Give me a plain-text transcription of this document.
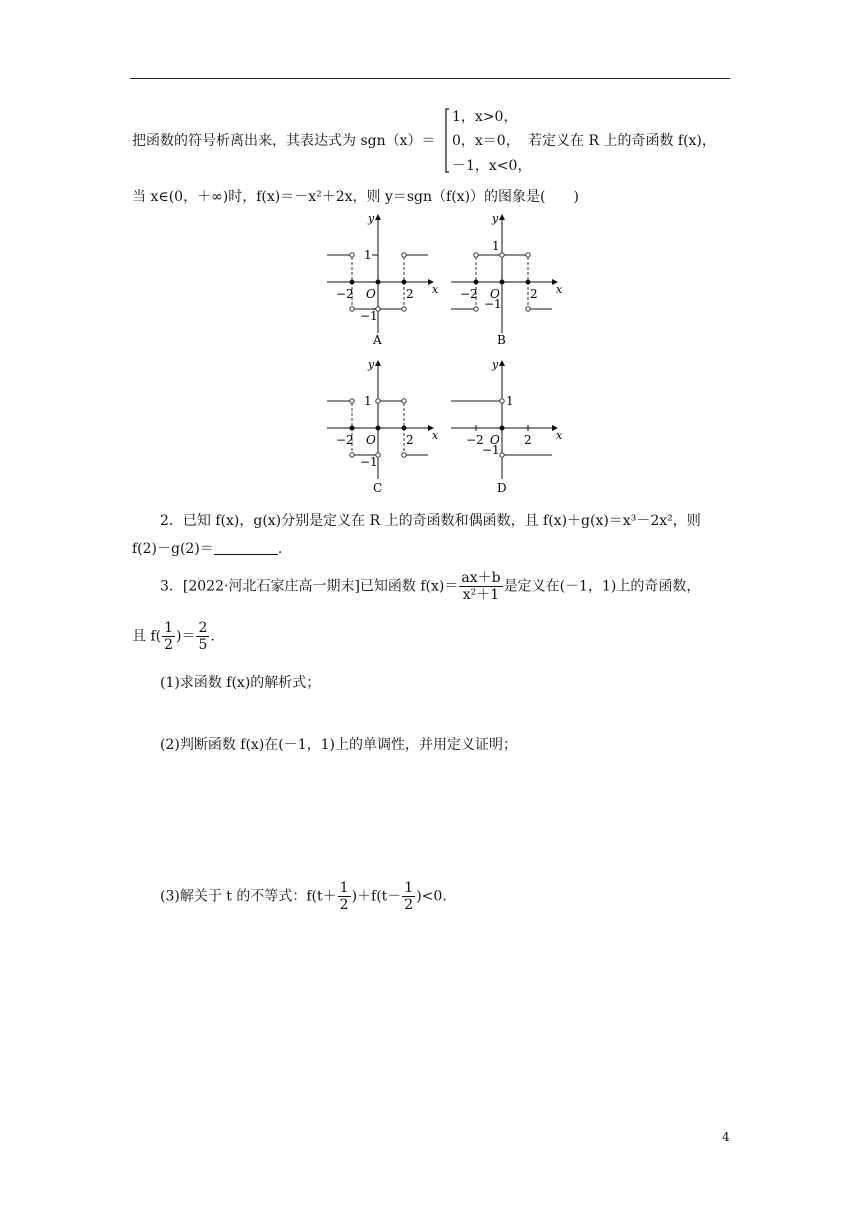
把函数的符号析离出来，其表达式为 sgn（x）＝
1，x>0，
0，x＝0，
－1，x<0，
若定义在 R 上的奇函数 f(x)，
当 x∈(0，＋∞)时，f(x)＝－x²＋2x，则 y＝sgn（f(x)）的图象是(　　)
−2 O	2
1
−1
x
y
A
−2 O	2
1
−1
x
y
B
−2 O	2
1
−1
x
y
C
−2 O 2
1
−1
x
y
D
2．已知 f(x)，g(x)分别是定义在 R 上的奇函数和偶函数，且 f(x)＋g(x)＝x³－2x²，则
f(2)－g(2)＝	.
3．[2022·河北石家庄高一期末]已知函数 $f(x)= \frac{ax+b}{\text{x²＋1}}$ 是定义在(－1，1)上的奇函数，
且 $f( \frac{1}{2}$ )＝ $\frac{2}{5}$ .
(1)求函数 f(x)的解析式；
(2)判断函数 f(x)在(－1，1)上的单调性，并用定义证明；
(3)解关于 t 的不等式：$f(t+ \frac{1}{2} )+f(t- \frac{1}{2} )<0$.
4
